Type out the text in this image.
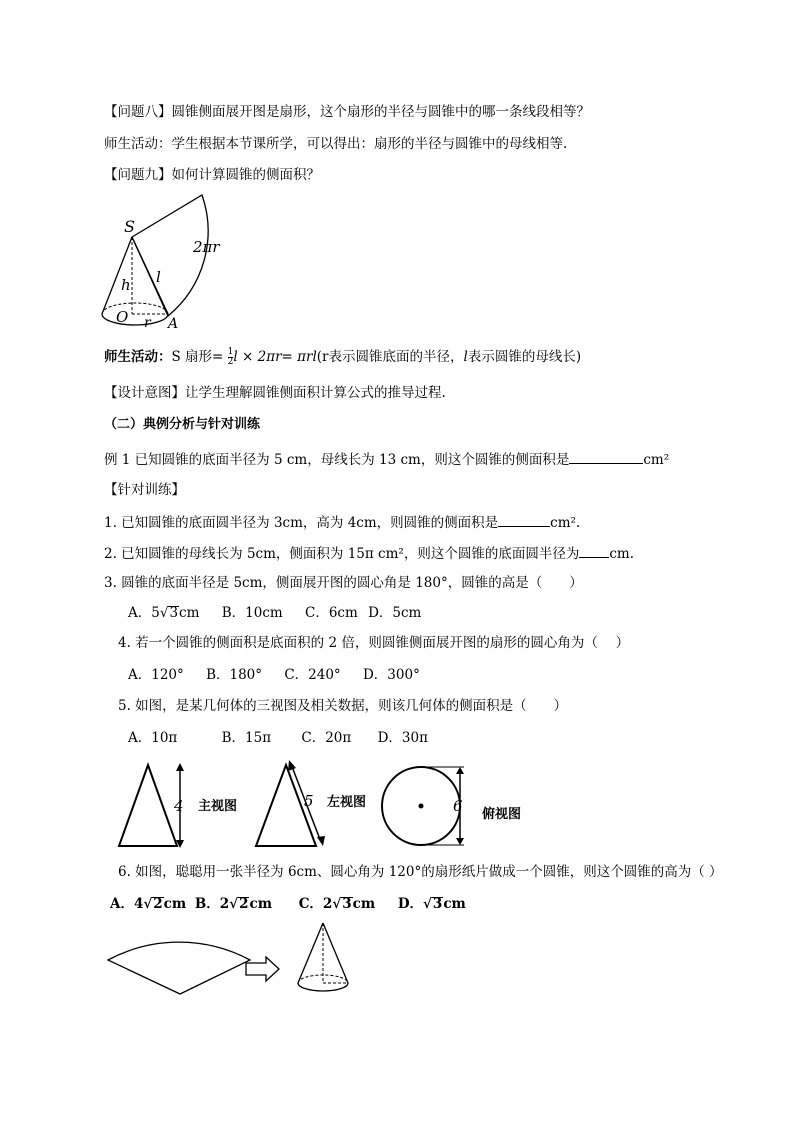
【问题八】圆锥侧面展开图是扇形，这个扇形的半径与圆锥中的哪一条线段相等？
师生活动：学生根据本节课所学，可以得出：扇形的半径与圆锥中的母线相等.
【问题九】如何计算圆锥的侧面积？
S
2πr
l
h
O r A
师生活动：S 扇形= $\frac{1}{2}$ l × 2πr= πrl(r表示圆锥底面的半径，l表示圆锥的母线长)
【设计意图】让学生理解圆锥侧面积计算公式的推导过程.
（二）典例分析与针对训练
例 1 已知圆锥的底面半径为 5 cm，母线长为 13 cm，则这个圆锥的侧面积是	cm²
【针对训练】
1. 已知圆锥的底面圆半径为 3cm，高为 4cm，则圆锥的侧面积是	cm².
2. 已知圆锥的母线长为 5cm，侧面积为 15π cm²，则这个圆锥的底面圆半径为 cm.
3. 圆锥的底面半径是 5cm，侧面展开图的圆心角是 180°，圆锥的高是（　　）
A．5√3cm B．10cm C．6cm D．5cm
4. 若一个圆锥的侧面积是底面积的 2 倍，则圆锥侧面展开图的扇形的圆心角为（　 ）
A．120° B．180° C．240° D．300°
5. 如图，是某几何体的三视图及相关数据，则该几何体的侧面积是（　　）
A．10π	B．15π C．20π D．30π
4 主视图	5 左视图	6 俯视图
6. 如图，聪聪用一张半径为 6cm、圆心角为 120°的扇形纸片做成一个圆锥，则这个圆锥的高为（ ）
A．4√2cm B．2√2cm C．2√3cm D．√3cm
